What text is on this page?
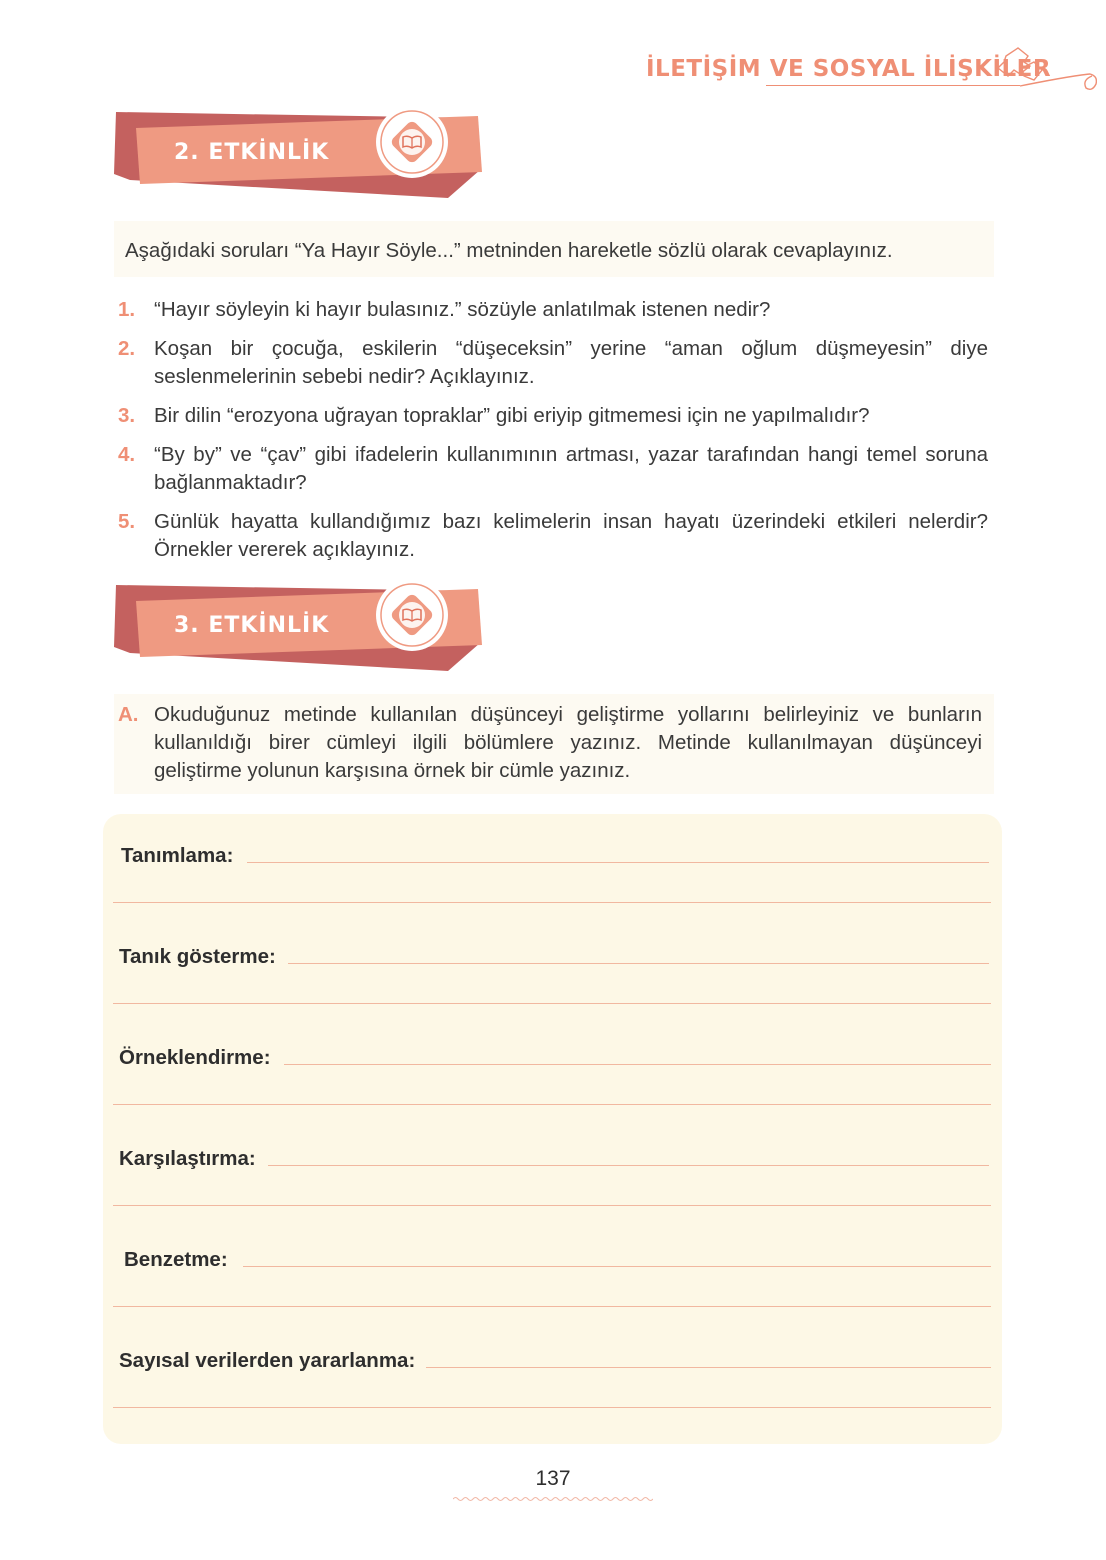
İLETİŞİM VE SOSYAL İLİŞKİLER
2. ETKİNLİK
Aşağıdaki soruları “Ya Hayır Söyle...” metninden hareketle sözlü olarak cevaplayınız.
1. “Hayır söyleyin ki hayır bulasınız.” sözüyle anlatılmak istenen nedir?
2. Koşan bir çocuğa, eskilerin “düşeceksin” yerine “aman oğlum düşmeyesin” diye seslenmelerinin sebebi nedir? Açıklayınız.
3. Bir dilin “erozyona uğrayan topraklar” gibi eriyip gitmemesi için ne yapılmalıdır?
4. “By by” ve “çav” gibi ifadelerin kullanımının artması, yazar tarafından hangi temel soruna bağlanmaktadır?
5. Günlük hayatta kullandığımız bazı kelimelerin insan hayatı üzerindeki etkileri nelerdir? Örnekler vererek açıklayınız.
3. ETKİNLİK
A. Okuduğunuz metinde kullanılan düşünceyi geliştirme yollarını belirleyiniz ve bunların kullanıldığı birer cümleyi ilgili bölümlere yazınız. Metinde kullanılmayan düşünceyi geliştirme yolunun karşısına örnek bir cümle yazınız.
Tanımlama:
Tanık gösterme:
Örneklendirme:
Karşılaştırma:
Benzetme:
Sayısal verilerden yararlanma:
137
